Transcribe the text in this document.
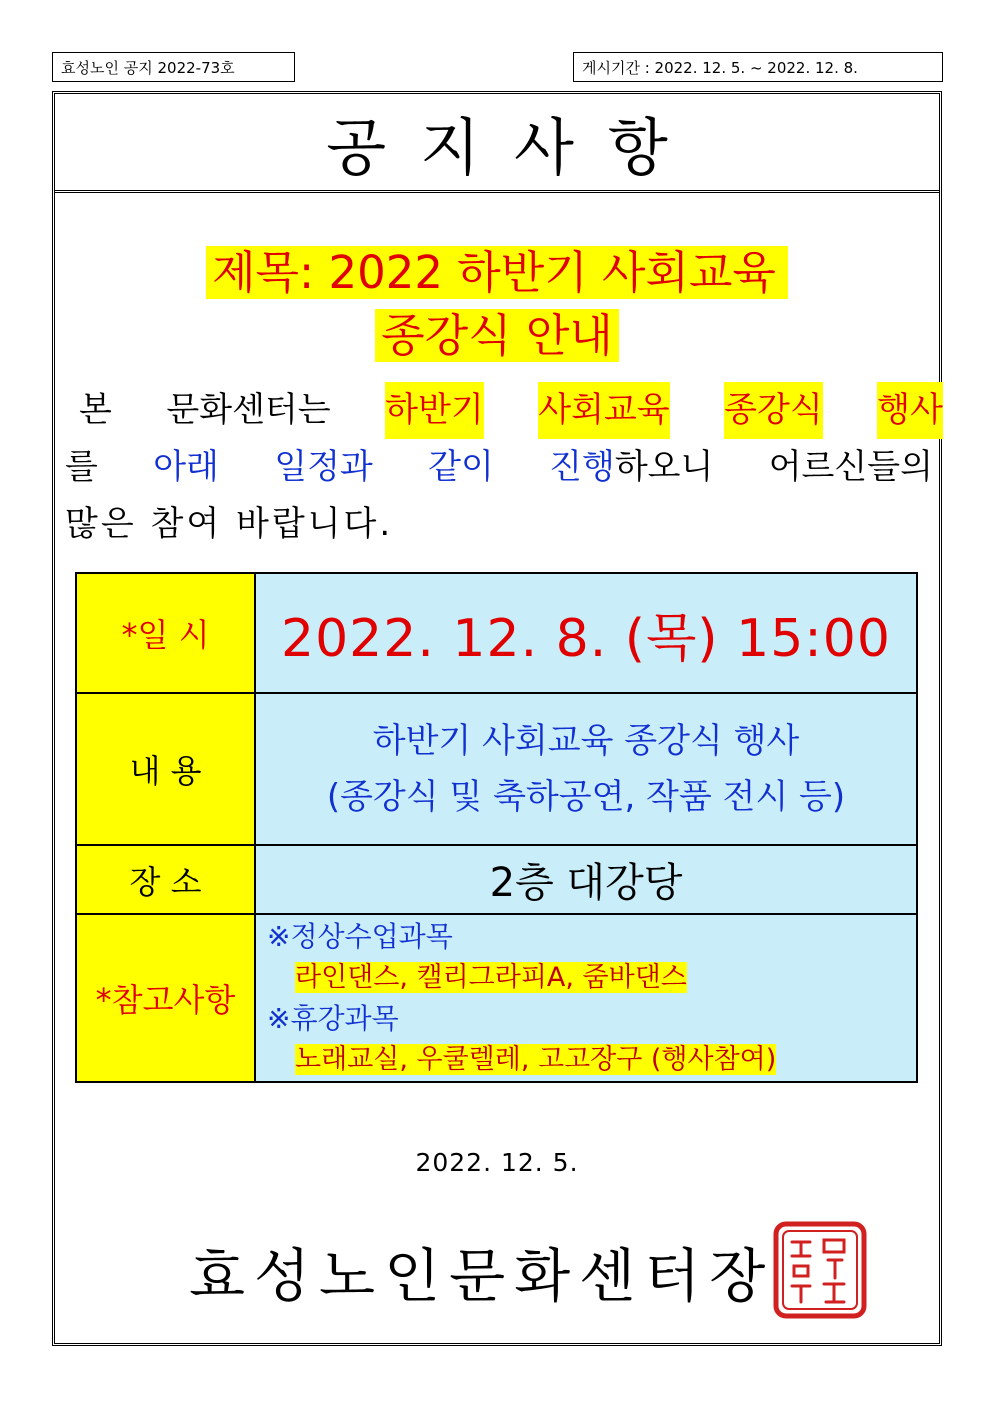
효성노인 공지 2022-73호	게시기간 : 2022. 12. 5. ~ 2022. 12. 8.
공지사항
제목: 2022 하반기 사회교육
종강식 안내
본 문화센터는 하반기 사회교육 종강식 행사
를 아래 일정과 같이 진행하오니 어르신들의
많은 참여 바랍니다.
*일 시	2022. 12. 8. (목) 15:00
내 용	하반기 사회교육 종강식 행사
(종강식 및 축하공연, 작품 전시 등)

장 소	2층 대강당
*참고사항	※정상수업과목
라인댄스, 캘리그라피A, 줌바댄스
※휴강과목
노래교실, 우쿨렐레, 고고장구 (행사참여)
2022. 12. 5.
효성노인문화센터장
